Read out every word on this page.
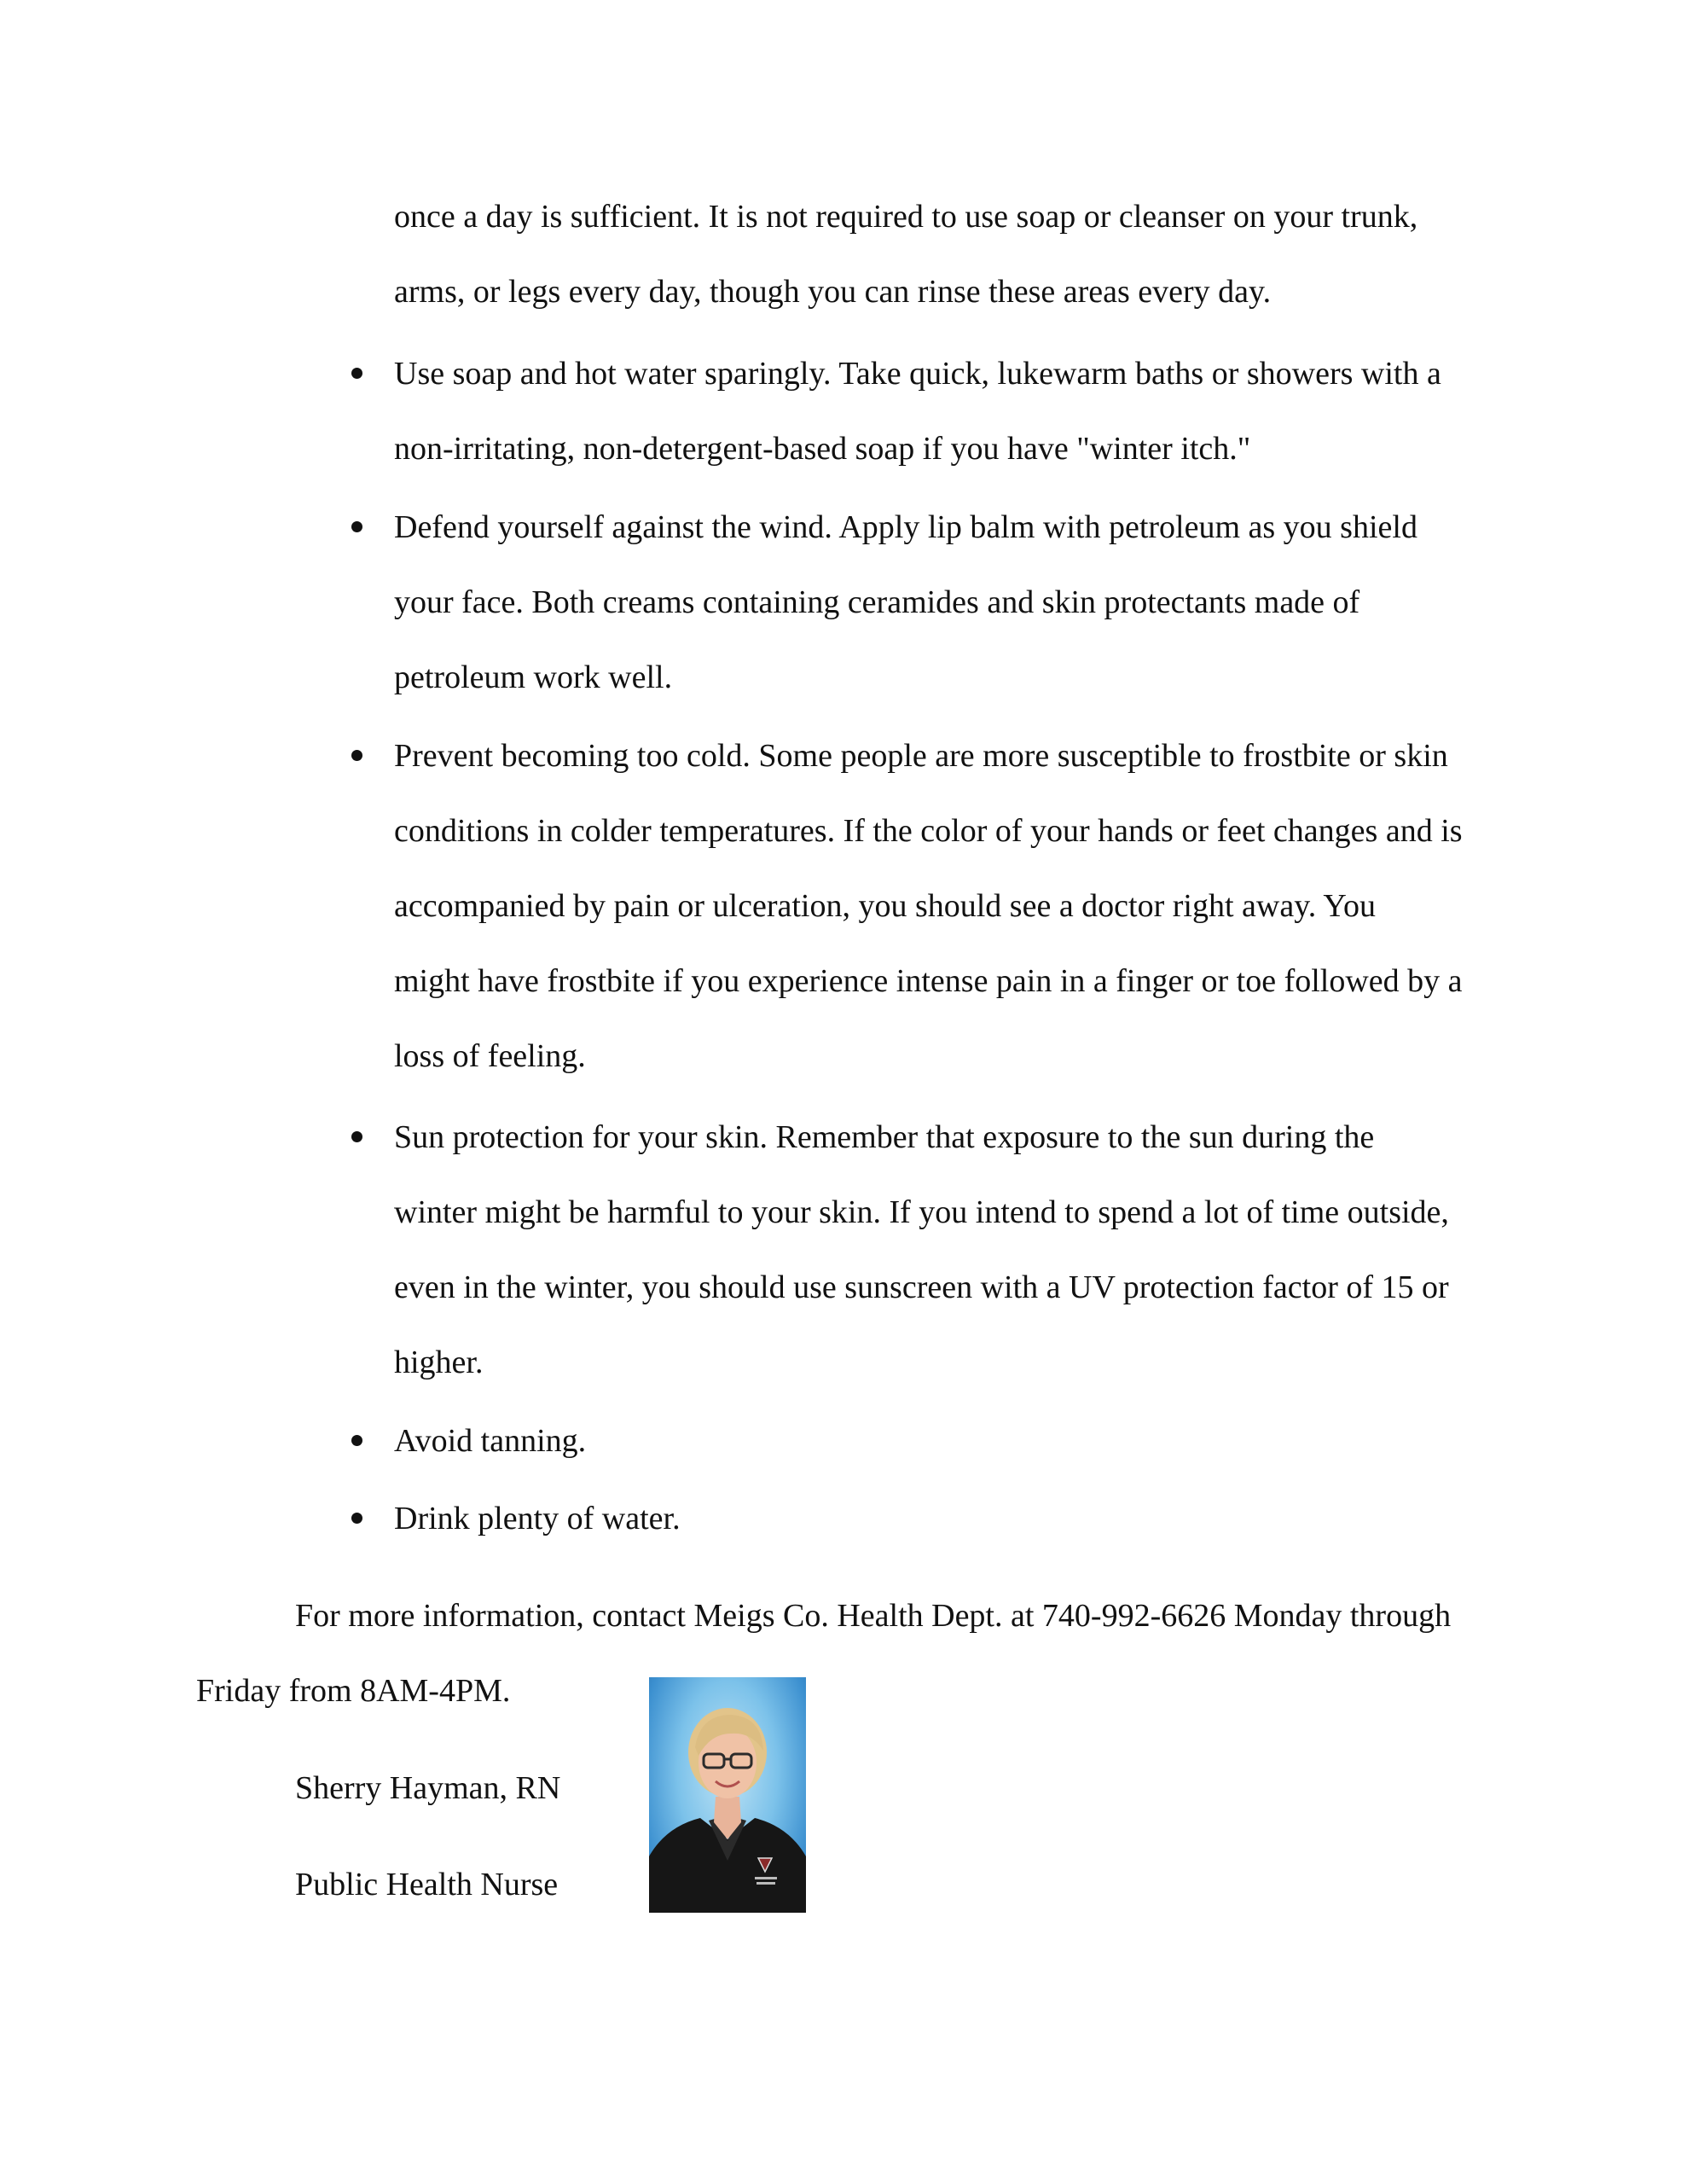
once a day is sufficient. It is not required to use soap or cleanser on your trunk,
arms, or legs every day, though you can rinse these areas every day.
Use soap and hot water sparingly. Take quick, lukewarm baths or showers with a
non-irritating, non-detergent-based soap if you have "winter itch."
Defend yourself against the wind. Apply lip balm with petroleum as you shield
your face. Both creams containing ceramides and skin protectants made of
petroleum work well.
Prevent becoming too cold. Some people are more susceptible to frostbite or skin
conditions in colder temperatures. If the color of your hands or feet changes and is
accompanied by pain or ulceration, you should see a doctor right away. You
might have frostbite if you experience intense pain in a finger or toe followed by a
loss of feeling.
Sun protection for your skin. Remember that exposure to the sun during the
winter might be harmful to your skin. If you intend to spend a lot of time outside,
even in the winter, you should use sunscreen with a UV protection factor of 15 or
higher.
Avoid tanning.
Drink plenty of water.
For more information, contact Meigs Co. Health Dept. at 740-992-6626 Monday through
Friday from 8AM-4PM.
Sherry Hayman, RN
Public Health Nurse
